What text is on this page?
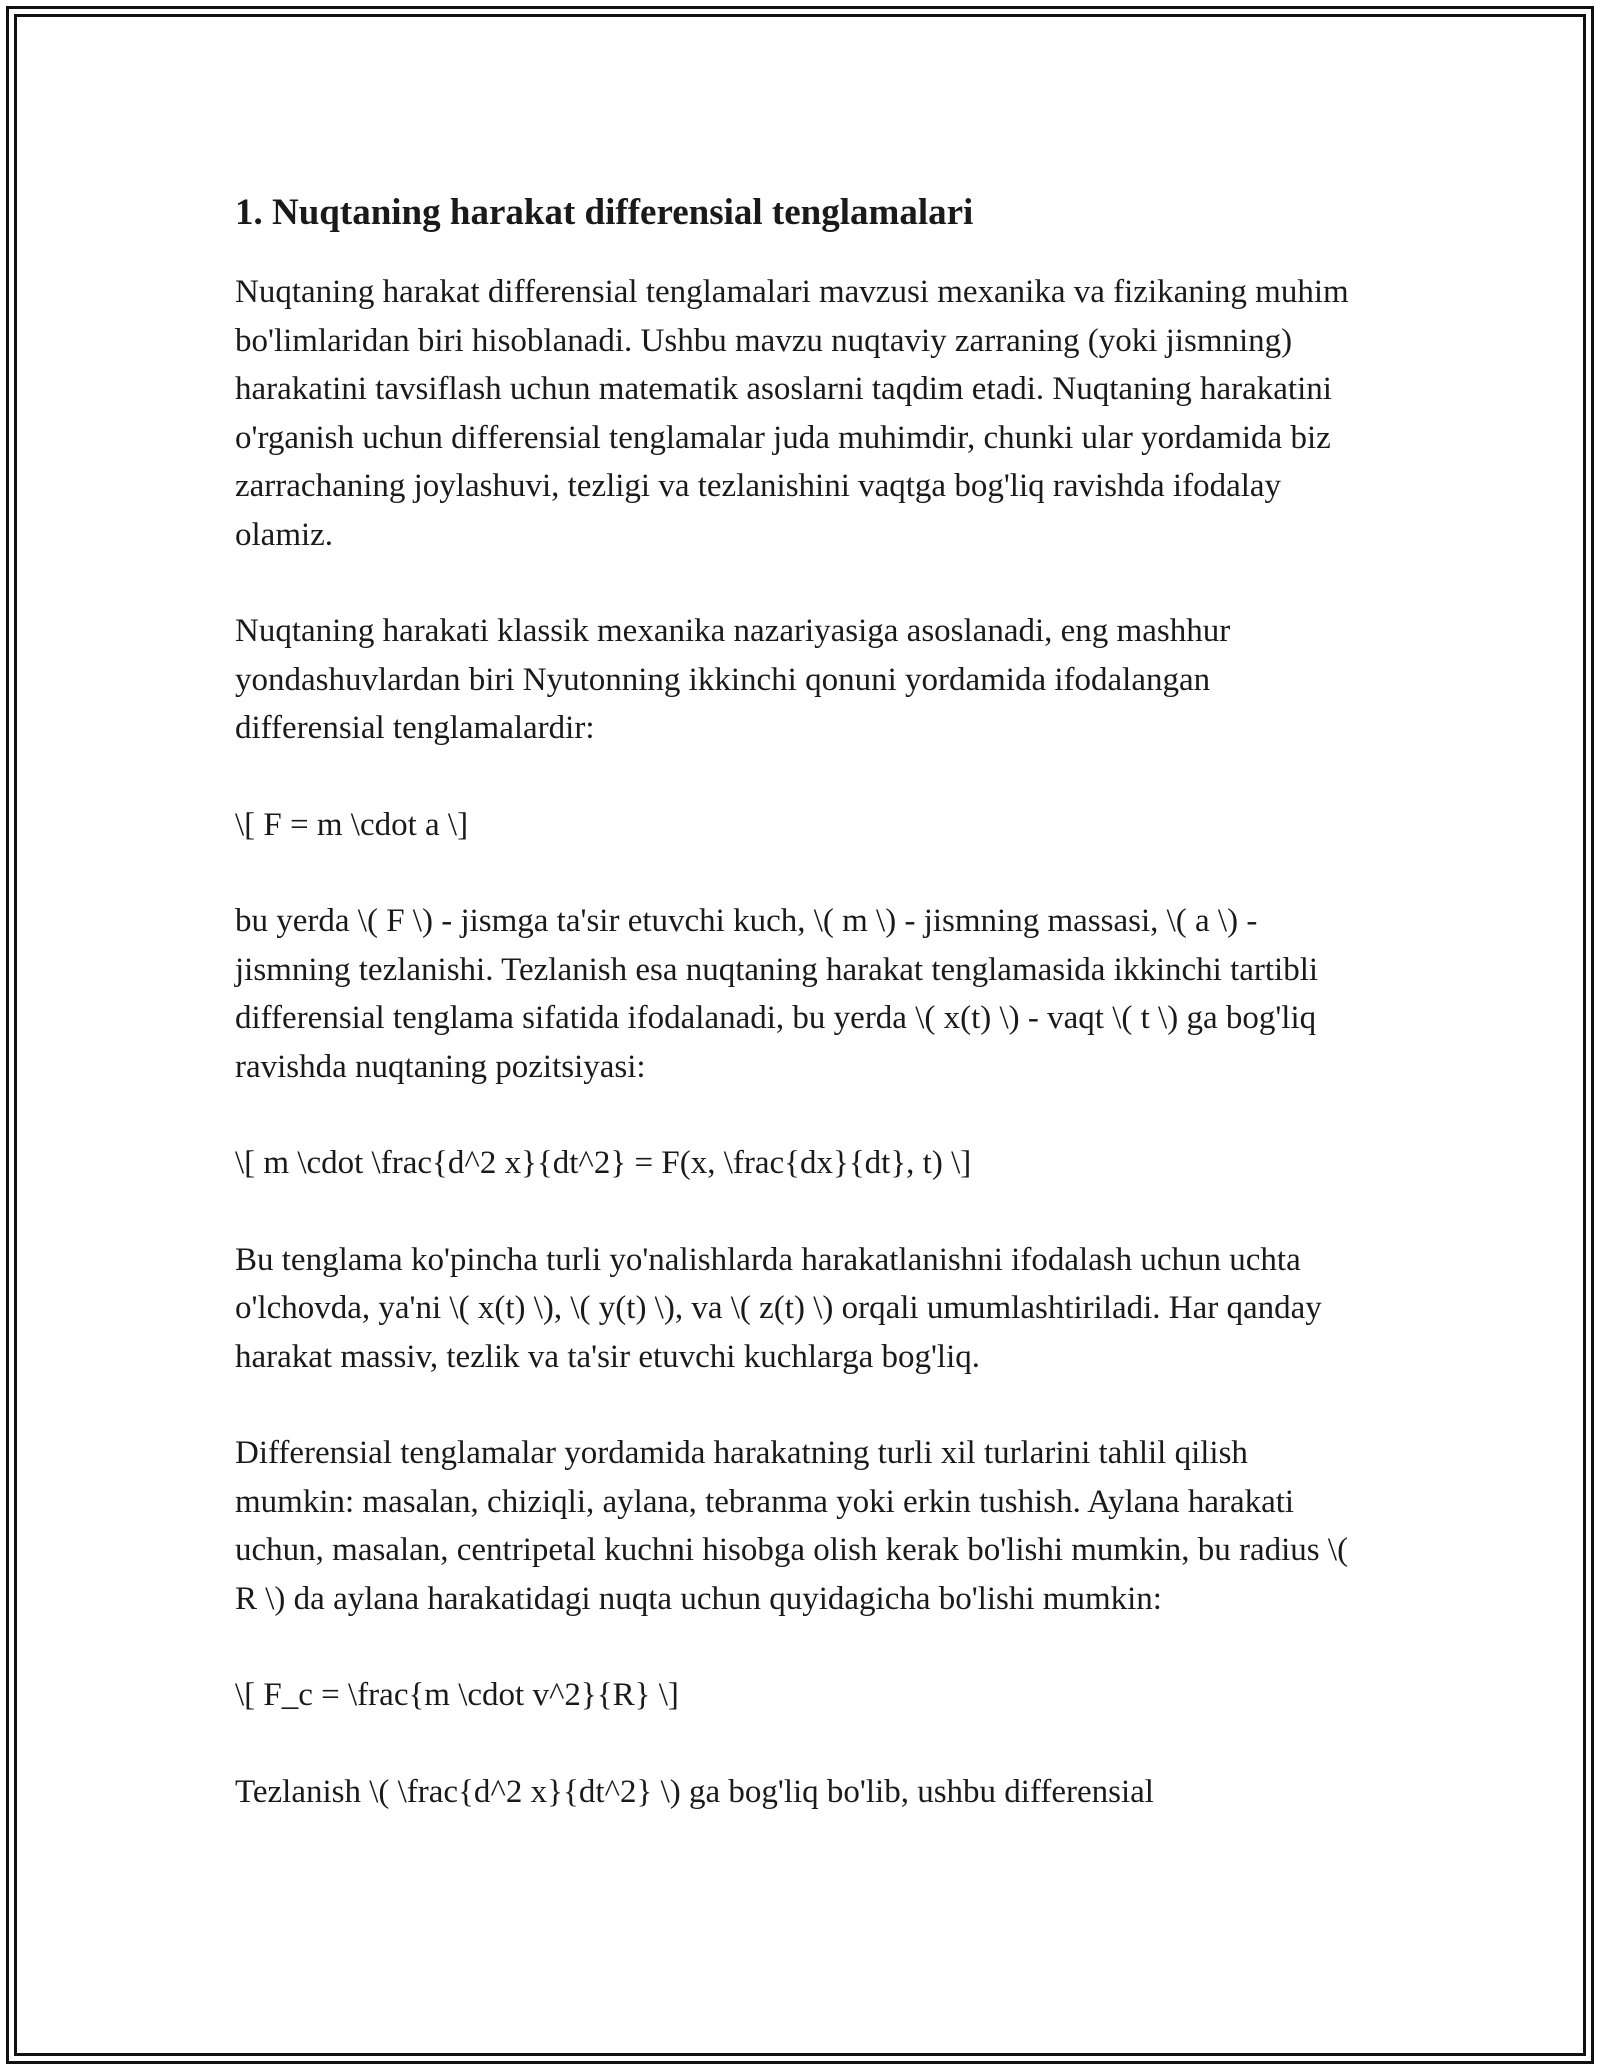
1. Nuqtaning harakat differensial tenglamalari

Nuqtaning harakat differensial tenglamalari mavzusi mexanika va fizikaning muhim bo'limlaridan biri hisoblanadi. Ushbu mavzu nuqtaviy zarraning (yoki jismning) harakatini tavsiflash uchun matematik asoslarni taqdim etadi. Nuqtaning harakatini o'rganish uchun differensial tenglamalar juda muhimdir, chunki ular yordamida biz zarrachaning joylashuvi, tezligi va tezlanishini vaqtga bog'liq ravishda ifodalay olamiz.

Nuqtaning harakati klassik mexanika nazariyasiga asoslanadi, eng mashhur yondashuvlardan biri Nyutonning ikkinchi qonuni yordamida ifodalangan differensial tenglamalardir:

\[ F = m \cdot a \]

bu yerda \( F \) - jismga ta'sir etuvchi kuch, \( m \) - jismning massasi, \( a \) - jismning tezlanishi. Tezlanish esa nuqtaning harakat tenglamasida ikkinchi tartibli differensial tenglama sifatida ifodalanadi, bu yerda \( x(t) \) - vaqt \( t \) ga bog'liq ravishda nuqtaning pozitsiyasi:

\[ m \cdot \frac{d^2 x}{dt^2} = F(x, \frac{dx}{dt}, t) \]

Bu tenglama ko'pincha turli yo'nalishlarda harakatlanishni ifodalash uchun uchta o'lchovda, ya'ni \( x(t) \), \( y(t) \), va \( z(t) \) orqali umumlashtiriladi. Har qanday harakat massiv, tezlik va ta'sir etuvchi kuchlarga bog'liq.

Differensial tenglamalar yordamida harakatning turli xil turlarini tahlil qilish mumkin: masalan, chiziqli, aylana, tebranma yoki erkin tushish. Aylana harakati uchun, masalan, centripetal kuchni hisobga olish kerak bo'lishi mumkin, bu radius \( R \) da aylana harakatidagi nuqta uchun quyidagicha bo'lishi mumkin:

\[ F_c = \frac{m \cdot v^2}{R} \]

Tezlanish \( \frac{d^2 x}{dt^2} \) ga bog'liq bo'lib, ushbu differensial
